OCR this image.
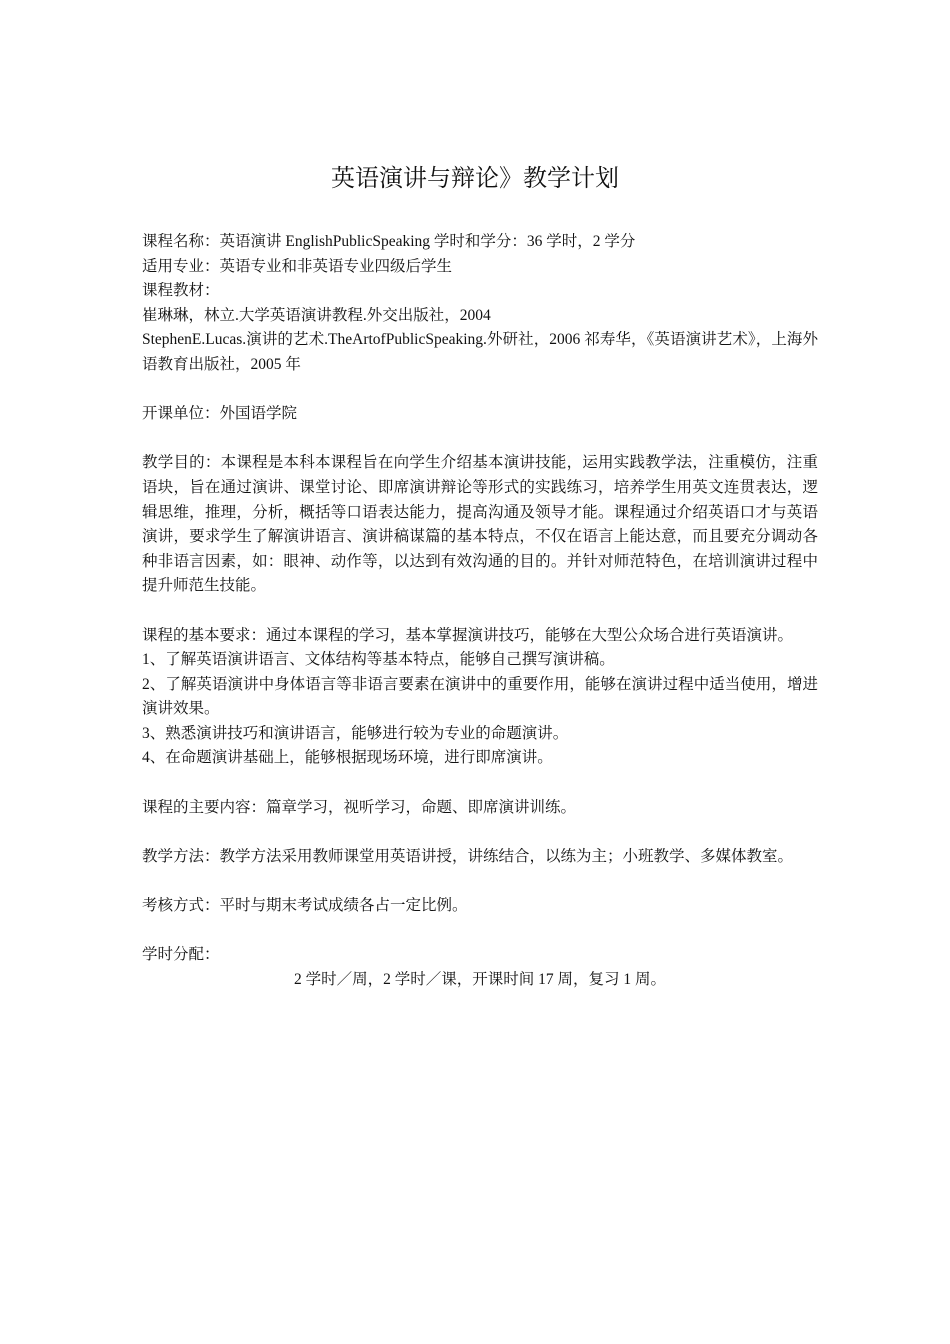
英语演讲与辩论》教学计划
课程名称：英语演讲 EnglishPublicSpeaking 学时和学分：36 学时，2 学分
适用专业：英语专业和非英语专业四级后学生
课程教材：
崔琳琳，林立.大学英语演讲教程.外交出版社，2004
StephenE.Lucas.演讲的艺术.TheArtofPublicSpeaking.外研社，2006 祁寿华，《英语演讲艺术》，上海外语教育出版社，2005 年
开课单位：外国语学院
教学目的：本课程是本科本课程旨在向学生介绍基本演讲技能，运用实践教学法，注重模仿，注重语块，旨在通过演讲、课堂讨论、即席演讲辩论等形式的实践练习，培养学生用英文连贯表达，逻辑思维，推理，分析，概括等口语表达能力，提高沟通及领导才能。课程通过介绍英语口才与英语演讲，要求学生了解演讲语言、演讲稿谋篇的基本特点，不仅在语言上能达意，而且要充分调动各种非语言因素，如：眼神、动作等，以达到有效沟通的目的。并针对师范特色，在培训演讲过程中提升师范生技能。
课程的基本要求：通过本课程的学习，基本掌握演讲技巧，能够在大型公众场合进行英语演讲。
1、了解英语演讲语言、文体结构等基本特点，能够自己撰写演讲稿。
2、了解英语演讲中身体语言等非语言要素在演讲中的重要作用，能够在演讲过程中适当使用，增进演讲效果。
3、熟悉演讲技巧和演讲语言，能够进行较为专业的命题演讲。
4、在命题演讲基础上，能够根据现场环境，进行即席演讲。
课程的主要内容：篇章学习，视听学习，命题、即席演讲训练。
教学方法：教学方法采用教师课堂用英语讲授，讲练结合，以练为主；小班教学、多媒体教室。
考核方式：平时与期末考试成绩各占一定比例。
学时分配：
2 学时／周，2 学时／课，开课时间 17 周，复习 1 周。
